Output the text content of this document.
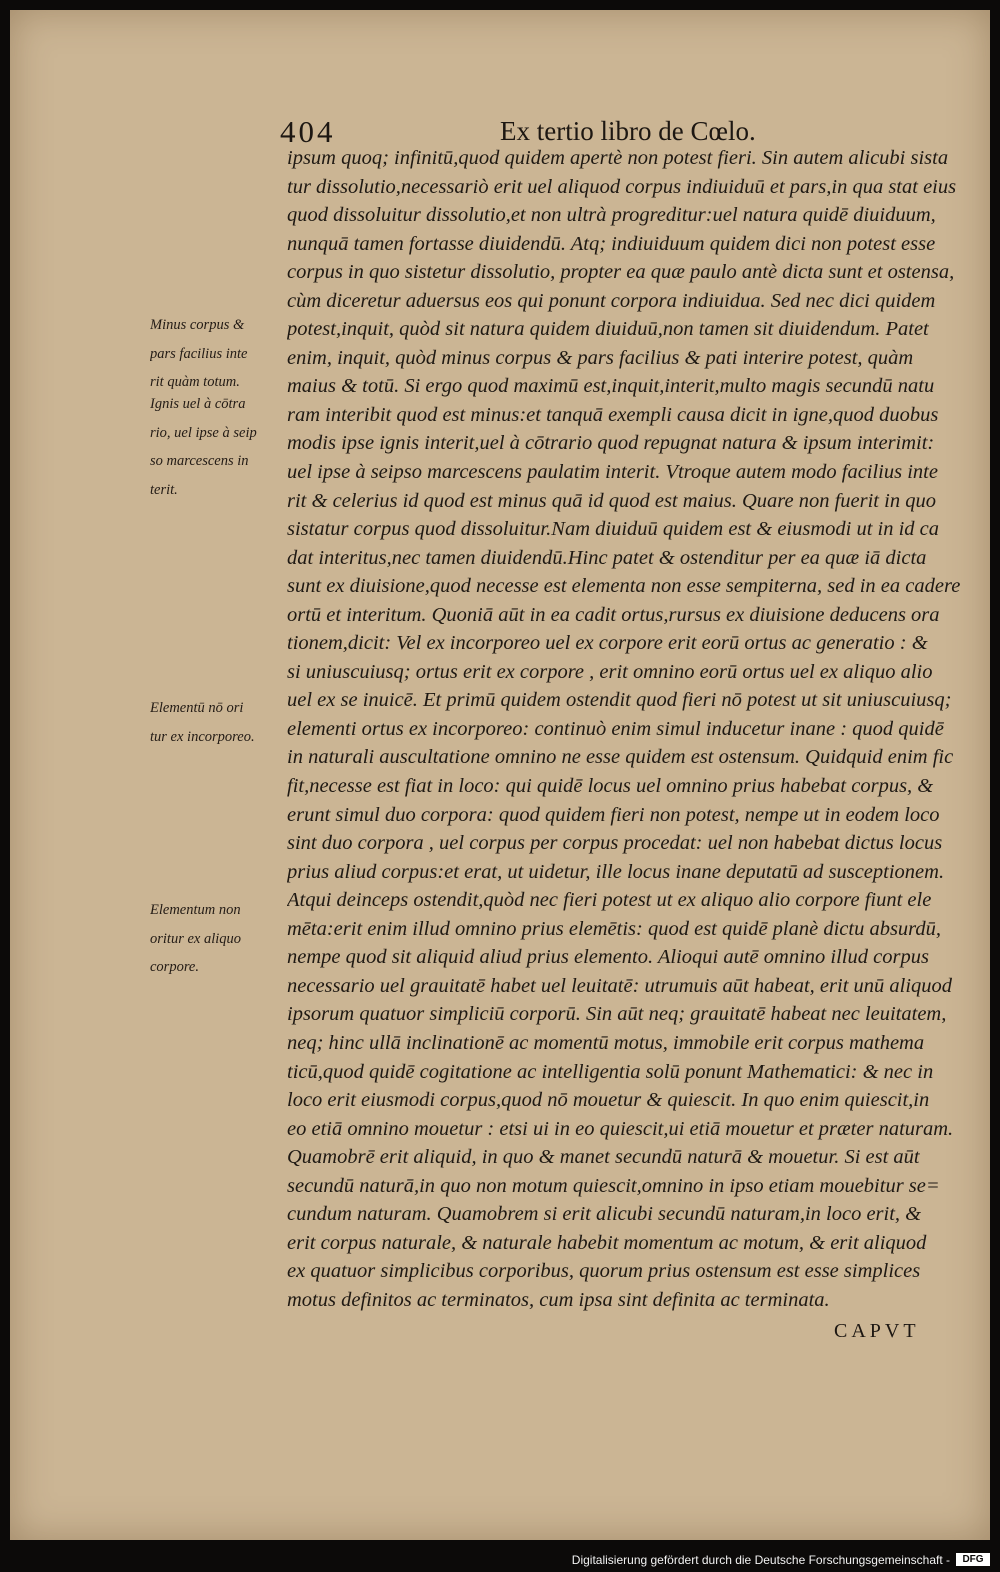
404	Ex tertio libro de Cœlo.
ipsum quoq; infinitū,quod quidem apertè non potest fieri. Sin autem alicubi sista
tur dissolutio,necessariò erit uel aliquod corpus indiuiduū et pars,in qua stat eius
quod dissoluitur dissolutio,et non ultrà progreditur:uel natura quidē diuiduum,
nunquā tamen fortasse diuidendū. Atq; indiuiduum quidem dici non potest esse
corpus in quo sistetur dissolutio, propter ea quæ paulo antè dicta sunt et ostensa,
cùm diceretur aduersus eos qui ponunt corpora indiuidua. Sed nec dici quidem
potest,inquit, quòd sit natura quidem diuiduū,non tamen sit diuidendum. Patet
enim, inquit, quòd minus corpus & pars facilius & pati interire potest, quàm
maius & totū. Si ergo quod maximū est,inquit,interit,multo magis secundū natu
ram interibit quod est minus:et tanquā exempli causa dicit in igne,quod duobus
modis ipse ignis interit,uel à cōtrario quod repugnat natura & ipsum interimit:
uel ipse à seipso marcescens paulatim interit. Vtroque autem modo facilius inte
rit & celerius id quod est minus quā id quod est maius. Quare non fuerit in quo
sistatur corpus quod dissoluitur.Nam diuiduū quidem est & eiusmodi ut in id ca
dat interitus,nec tamen diuidendū.Hinc patet & ostenditur per ea quæ iā dicta
sunt ex diuisione,quod necesse est elementa non esse sempiterna, sed in ea cadere
ortū et interitum. Quoniā aūt in ea cadit ortus,rursus ex diuisione deducens ora
tionem,dicit: Vel ex incorporeo uel ex corpore erit eorū ortus ac generatio : &
si uniuscuiusq; ortus erit ex corpore , erit omnino eorū ortus uel ex aliquo alio
uel ex se inuicē. Et primū quidem ostendit quod fieri nō potest ut sit uniuscuiusq;
elementi ortus ex incorporeo: continuò enim simul inducetur inane : quod quidē
in naturali auscultatione omnino ne esse quidem est ostensum. Quidquid enim fic
fit,necesse est fiat in loco: qui quidē locus uel omnino prius habebat corpus, &
erunt simul duo corpora: quod quidem fieri non potest, nempe ut in eodem loco
sint duo corpora , uel corpus per corpus procedat: uel non habebat dictus locus
prius aliud corpus:et erat, ut uidetur, ille locus inane deputatū ad susceptionem.
Atqui deinceps ostendit,quòd nec fieri potest ut ex aliquo alio corpore fiunt ele
mēta:erit enim illud omnino prius elemētis: quod est quidē planè dictu absurdū,
nempe quod sit aliquid aliud prius elemento. Alioqui autē omnino illud corpus
necessario uel grauitatē habet uel leuitatē: utrumuis aūt habeat, erit unū aliquod
ipsorum quatuor simpliciū corporū. Sin aūt neq; grauitatē habeat nec leuitatem,
neq; hinc ullā inclinationē ac momentū motus, immobile erit corpus mathema
ticū,quod quidē cogitatione ac intelligentia solū ponunt Mathematici: & nec in
loco erit eiusmodi corpus,quod nō mouetur & quiescit. In quo enim quiescit,in
eo etiā omnino mouetur : etsi ui in eo quiescit,ui etiā mouetur et præter naturam.
Quamobrē erit aliquid, in quo & manet secundū naturā & mouetur. Si est aūt
secundū naturā,in quo non motum quiescit,omnino in ipso etiam mouebitur se=
cundum naturam. Quamobrem si erit alicubi secundū naturam,in loco erit, &
erit corpus naturale, & naturale habebit momentum ac motum, & erit aliquod
ex quatuor simplicibus corporibus, quorum prius ostensum est esse simplices
motus definitos ac terminatos, cum ipsa sint definita ac terminata.
Minus corpus &
pars facilius inte
rit quàm totum.
Ignis uel à cōtra
rio, uel ipse à seip
so marcescens in
terit.
Elementū nō ori
tur ex incorporeo.
Elementum non
oritur ex aliquo
corpore.
CAPVT
Digitalisierung gefördert durch die Deutsche Forschungsgemeinschaft -	DFG
